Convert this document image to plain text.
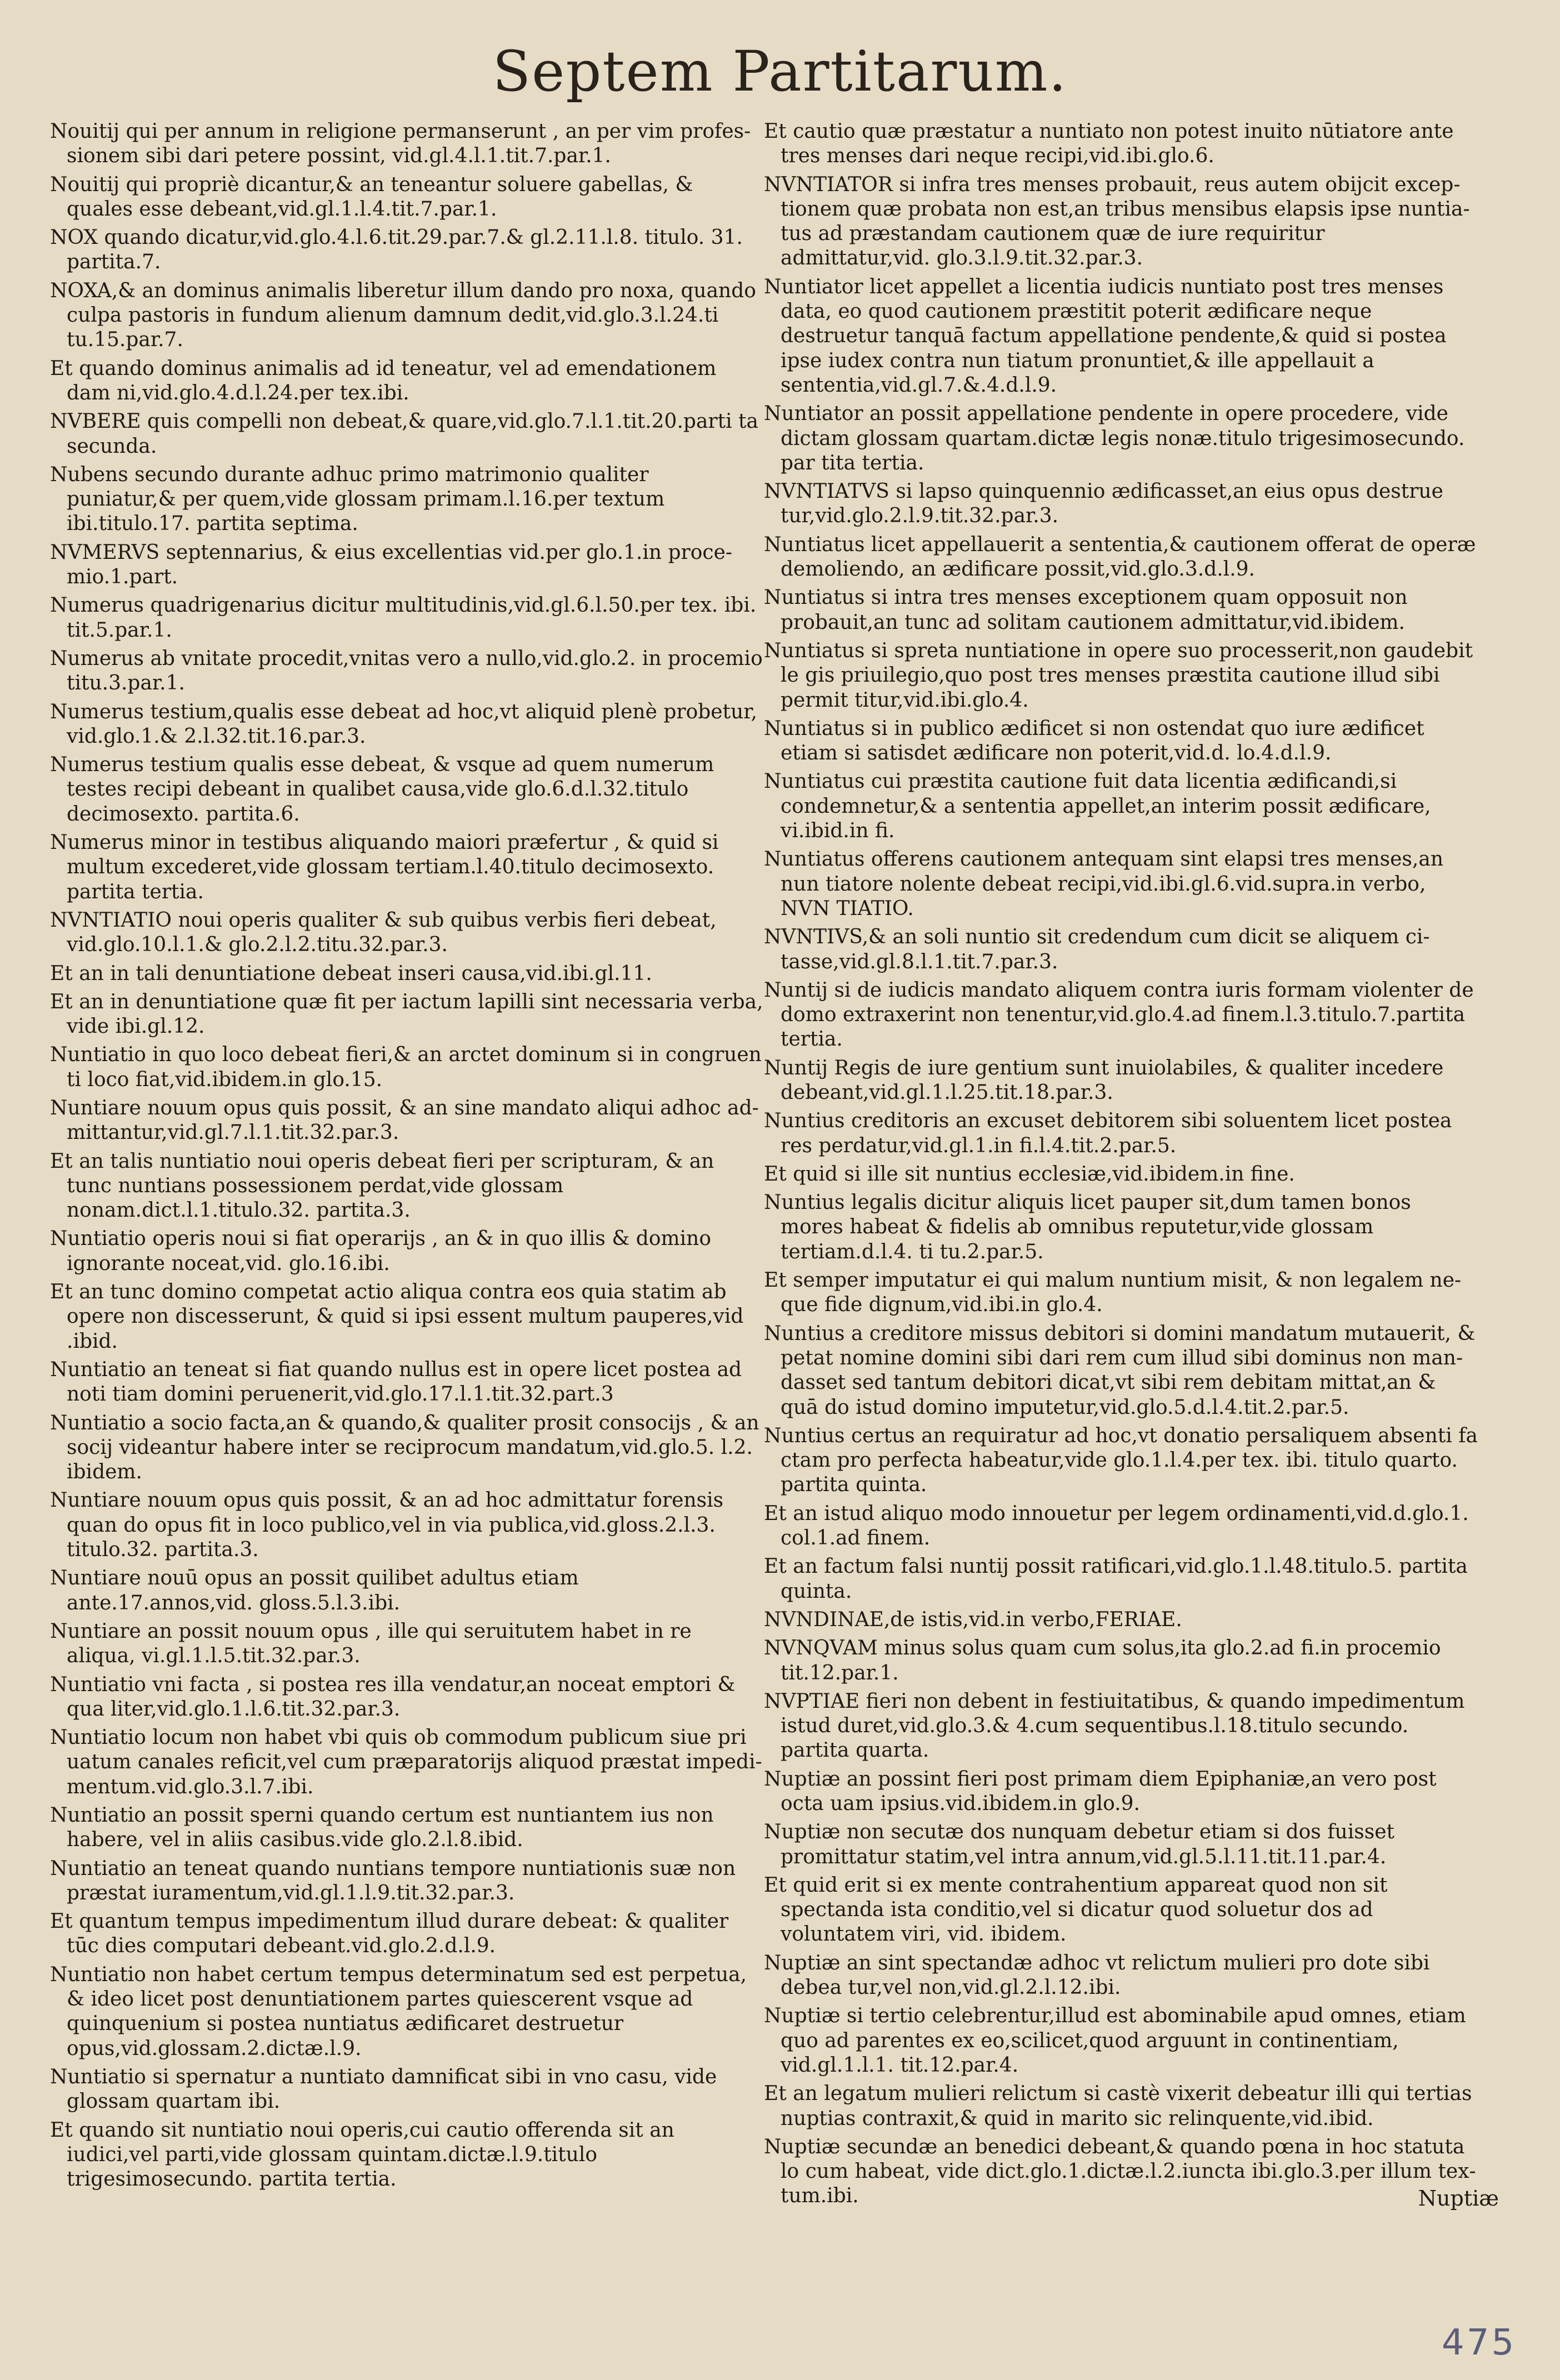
Septem Partitarum.
Nouitij qui per annum in religione permanserunt , an per vim professionem sibi dari petere possint, vid.gl.4.l.1.tit.7.par.1.
Nouitij qui propriè dicantur,& an teneantur soluere gabellas, & quales esse debeant,vid.gl.1.l.4.tit.7.par.1.
NOX quando dicatur,vid.glo.4.l.6.tit.29.par.7.& gl.2.11.l.8. titulo. 31. partita.7.
NOXA,& an dominus animalis liberetur illum dando pro noxa, quando culpa pastoris in fundum alienum damnum dedit,vid.glo.3.l.24.ti tu.15.par.7.
Et quando dominus animalis ad id teneatur, vel ad emendationem dam ni,vid.glo.4.d.l.24.per tex.ibi.
NVBERE quis compelli non debeat,& quare,vid.glo.7.l.1.tit.20.parti ta secunda.
Nubens secundo durante adhuc primo matrimonio qualiter puniatur,& per quem,vide glossam primam.l.16.per textum ibi.titulo.17. partita septima.
NVMERVS septennarius, & eius excellentias vid.per glo.1.in procemio.1.part.
Numerus quadrigenarius dicitur multitudinis,vid.gl.6.l.50.per tex. ibi. tit.5.par.1.
Numerus ab vnitate procedit,vnitas vero a nullo,vid.glo.2. in procemio titu.3.par.1.
Numerus testium,qualis esse debeat ad hoc,vt aliquid plenè probetur, vid.glo.1.& 2.l.32.tit.16.par.3.
Numerus testium qualis esse debeat, & vsque ad quem numerum testes recipi debeant in qualibet causa,vide glo.6.d.l.32.titulo decimosexto. partita.6.
Numerus minor in testibus aliquando maiori præfertur , & quid si multum excederet,vide glossam tertiam.l.40.titulo decimosexto. partita tertia.
NVNTIATIO noui operis qualiter & sub quibus verbis fieri debeat, vid.glo.10.l.1.& glo.2.l.2.titu.32.par.3.
Et an in tali denuntiatione debeat inseri causa,vid.ibi.gl.11.
Et an in denuntiatione quæ fit per iactum lapilli sint necessaria verba, vide ibi.gl.12.
Nuntiatio in quo loco debeat fieri,& an arctet dominum si in congruen ti loco fiat,vid.ibidem.in glo.15.
Nuntiare nouum opus quis possit, & an sine mandato aliqui adhoc admittantur,vid.gl.7.l.1.tit.32.par.3.
Et an talis nuntiatio noui operis debeat fieri per scripturam, & an tunc nuntians possessionem perdat,vide glossam nonam.dict.l.1.titulo.32. partita.3.
Nuntiatio operis noui si fiat operarijs , an & in quo illis & domino ignorante noceat,vid. glo.16.ibi.
Et an tunc domino competat actio aliqua contra eos quia statim ab opere non discesserunt, & quid si ipsi essent multum pauperes,vid .ibid.
Nuntiatio an teneat si fiat quando nullus est in opere licet postea ad noti tiam domini peruenerit,vid.glo.17.l.1.tit.32.part.3
Nuntiatio a socio facta,an & quando,& qualiter prosit consocijs , & an socij videantur habere inter se reciprocum mandatum,vid.glo.5. l.2. ibidem.
Nuntiare nouum opus quis possit, & an ad hoc admittatur forensis quan do opus fit in loco publico,vel in via publica,vid.gloss.2.l.3. titulo.32. partita.3.
Nuntiare nouū opus an possit quilibet adultus etiam ante.17.annos,vid. gloss.5.l.3.ibi.
Nuntiare an possit nouum opus , ille qui seruitutem habet in re aliqua, vi.gl.1.l.5.tit.32.par.3.
Nuntiatio vni facta , si postea res illa vendatur,an noceat emptori & qua liter,vid.glo.1.l.6.tit.32.par.3.
Nuntiatio locum non habet vbi quis ob commodum publicum siue pri uatum canales reficit,vel cum præparatorijs aliquod præstat impedimentum.vid.glo.3.l.7.ibi.
Nuntiatio an possit sperni quando certum est nuntiantem ius non habere, vel in aliis casibus.vide glo.2.l.8.ibid.
Nuntiatio an teneat quando nuntians tempore nuntiationis suæ non præstat iuramentum,vid.gl.1.l.9.tit.32.par.3.
Et quantum tempus impedimentum illud durare debeat: & qualiter tūc dies computari debeant.vid.glo.2.d.l.9.
Nuntiatio non habet certum tempus determinatum sed est perpetua, & ideo licet post denuntiationem partes quiescerent vsque ad quinquenium si postea nuntiatus ædificaret destruetur opus,vid.glossam.2.dictæ.l.9.
Nuntiatio si spernatur a nuntiato damnificat sibi in vno casu, vide glossam quartam ibi.
Et quando sit nuntiatio noui operis,cui cautio offerenda sit an iudici,vel parti,vide glossam quintam.dictæ.l.9.titulo trigesimosecundo. partita tertia.
Et cautio quæ præstatur a nuntiato non potest inuito nūtiatore ante tres menses dari neque recipi,vid.ibi.glo.6.
NVNTIATOR si infra tres menses probauit, reus autem obijcit exceptionem quæ probata non est,an tribus mensibus elapsis ipse nuntiatus ad præstandam cautionem quæ de iure requiritur admittatur,vid. glo.3.l.9.tit.32.par.3.
Nuntiator licet appellet a licentia iudicis nuntiato post tres menses data, eo quod cautionem præstitit poterit ædificare neque destruetur tanquā factum appellatione pendente,& quid si postea ipse iudex contra nun tiatum pronuntiet,& ille appellauit a sententia,vid.gl.7.&.4.d.l.9.
Nuntiator an possit appellatione pendente in opere procedere, vide dictam glossam quartam.dictæ legis nonæ.titulo trigesimosecundo. par tita tertia.
NVNTIATVS si lapso quinquennio ædificasset,an eius opus destrue tur,vid.glo.2.l.9.tit.32.par.3.
Nuntiatus licet appellauerit a sententia,& cautionem offerat de operæ demoliendo, an ædificare possit,vid.glo.3.d.l.9.
Nuntiatus si intra tres menses exceptionem quam opposuit non probauit,an tunc ad solitam cautionem admittatur,vid.ibidem.
Nuntiatus si spreta nuntiatione in opere suo processerit,non gaudebit le gis priuilegio,quo post tres menses præstita cautione illud sibi permit titur,vid.ibi.glo.4.
Nuntiatus si in publico ædificet si non ostendat quo iure ædificet etiam si satisdet ædificare non poterit,vid.d. lo.4.d.l.9.
Nuntiatus cui præstita cautione fuit data licentia ædificandi,si condemnetur,& a sententia appellet,an interim possit ædificare, vi.ibid.in fi.
Nuntiatus offerens cautionem antequam sint elapsi tres menses,an nun tiatore nolente debeat recipi,vid.ibi.gl.6.vid.supra.in verbo, NVN TIATIO.
NVNTIVS,& an soli nuntio sit credendum cum dicit se aliquem citasse,vid.gl.8.l.1.tit.7.par.3.
Nuntij si de iudicis mandato aliquem contra iuris formam violenter de domo extraxerint non tenentur,vid.glo.4.ad finem.l.3.titulo.7.partita tertia.
Nuntij Regis de iure gentium sunt inuiolabiles, & qualiter incedere debeant,vid.gl.1.l.25.tit.18.par.3.
Nuntius creditoris an excuset debitorem sibi soluentem licet postea res perdatur,vid.gl.1.in fi.l.4.tit.2.par.5.
Et quid si ille sit nuntius ecclesiæ,vid.ibidem.in fine.
Nuntius legalis dicitur aliquis licet pauper sit,dum tamen bonos mores habeat & fidelis ab omnibus reputetur,vide glossam tertiam.d.l.4. ti tu.2.par.5.
Et semper imputatur ei qui malum nuntium misit, & non legalem neque fide dignum,vid.ibi.in glo.4.
Nuntius a creditore missus debitori si domini mandatum mutauerit, & petat nomine domini sibi dari rem cum illud sibi dominus non mandasset sed tantum debitori dicat,vt sibi rem debitam mittat,an & quā do istud domino imputetur,vid.glo.5.d.l.4.tit.2.par.5.
Nuntius certus an requiratur ad hoc,vt donatio persaliquem absenti fa ctam pro perfecta habeatur,vide glo.1.l.4.per tex. ibi. titulo quarto. partita quinta.
Et an istud aliquo modo innouetur per legem ordinamenti,vid.d.glo.1. col.1.ad finem.
Et an factum falsi nuntij possit ratificari,vid.glo.1.l.48.titulo.5. partita quinta.
NVNDINAE,de istis,vid.in verbo,FERIAE.
NVNQVAM minus solus quam cum solus,ita glo.2.ad fi.in procemio tit.12.par.1.
NVPTIAE fieri non debent in festiuitatibus, & quando impedimentum istud duret,vid.glo.3.& 4.cum sequentibus.l.18.titulo secundo. partita quarta.
Nuptiæ an possint fieri post primam diem Epiphaniæ,an vero post octa uam ipsius.vid.ibidem.in glo.9.
Nuptiæ non secutæ dos nunquam debetur etiam si dos fuisset promittatur statim,vel intra annum,vid.gl.5.l.11.tit.11.par.4.
Et quid erit si ex mente contrahentium appareat quod non sit spectanda ista conditio,vel si dicatur quod soluetur dos ad voluntatem viri, vid. ibidem.
Nuptiæ an sint spectandæ adhoc vt relictum mulieri pro dote sibi debea tur,vel non,vid.gl.2.l.12.ibi.
Nuptiæ si tertio celebrentur,illud est abominabile apud omnes, etiam quo ad parentes ex eo,scilicet,quod arguunt in continentiam, vid.gl.1.l.1. tit.12.par.4.
Et an legatum mulieri relictum si castè vixerit debeatur illi qui tertias nuptias contraxit,& quid in marito sic relinquente,vid.ibid.
Nuptiæ secundæ an benedici debeant,& quando pœna in hoc statuta lo cum habeat, vide dict.glo.1.dictæ.l.2.iuncta ibi.glo.3.per illum textum.ibi.	Nuptiæ
475
